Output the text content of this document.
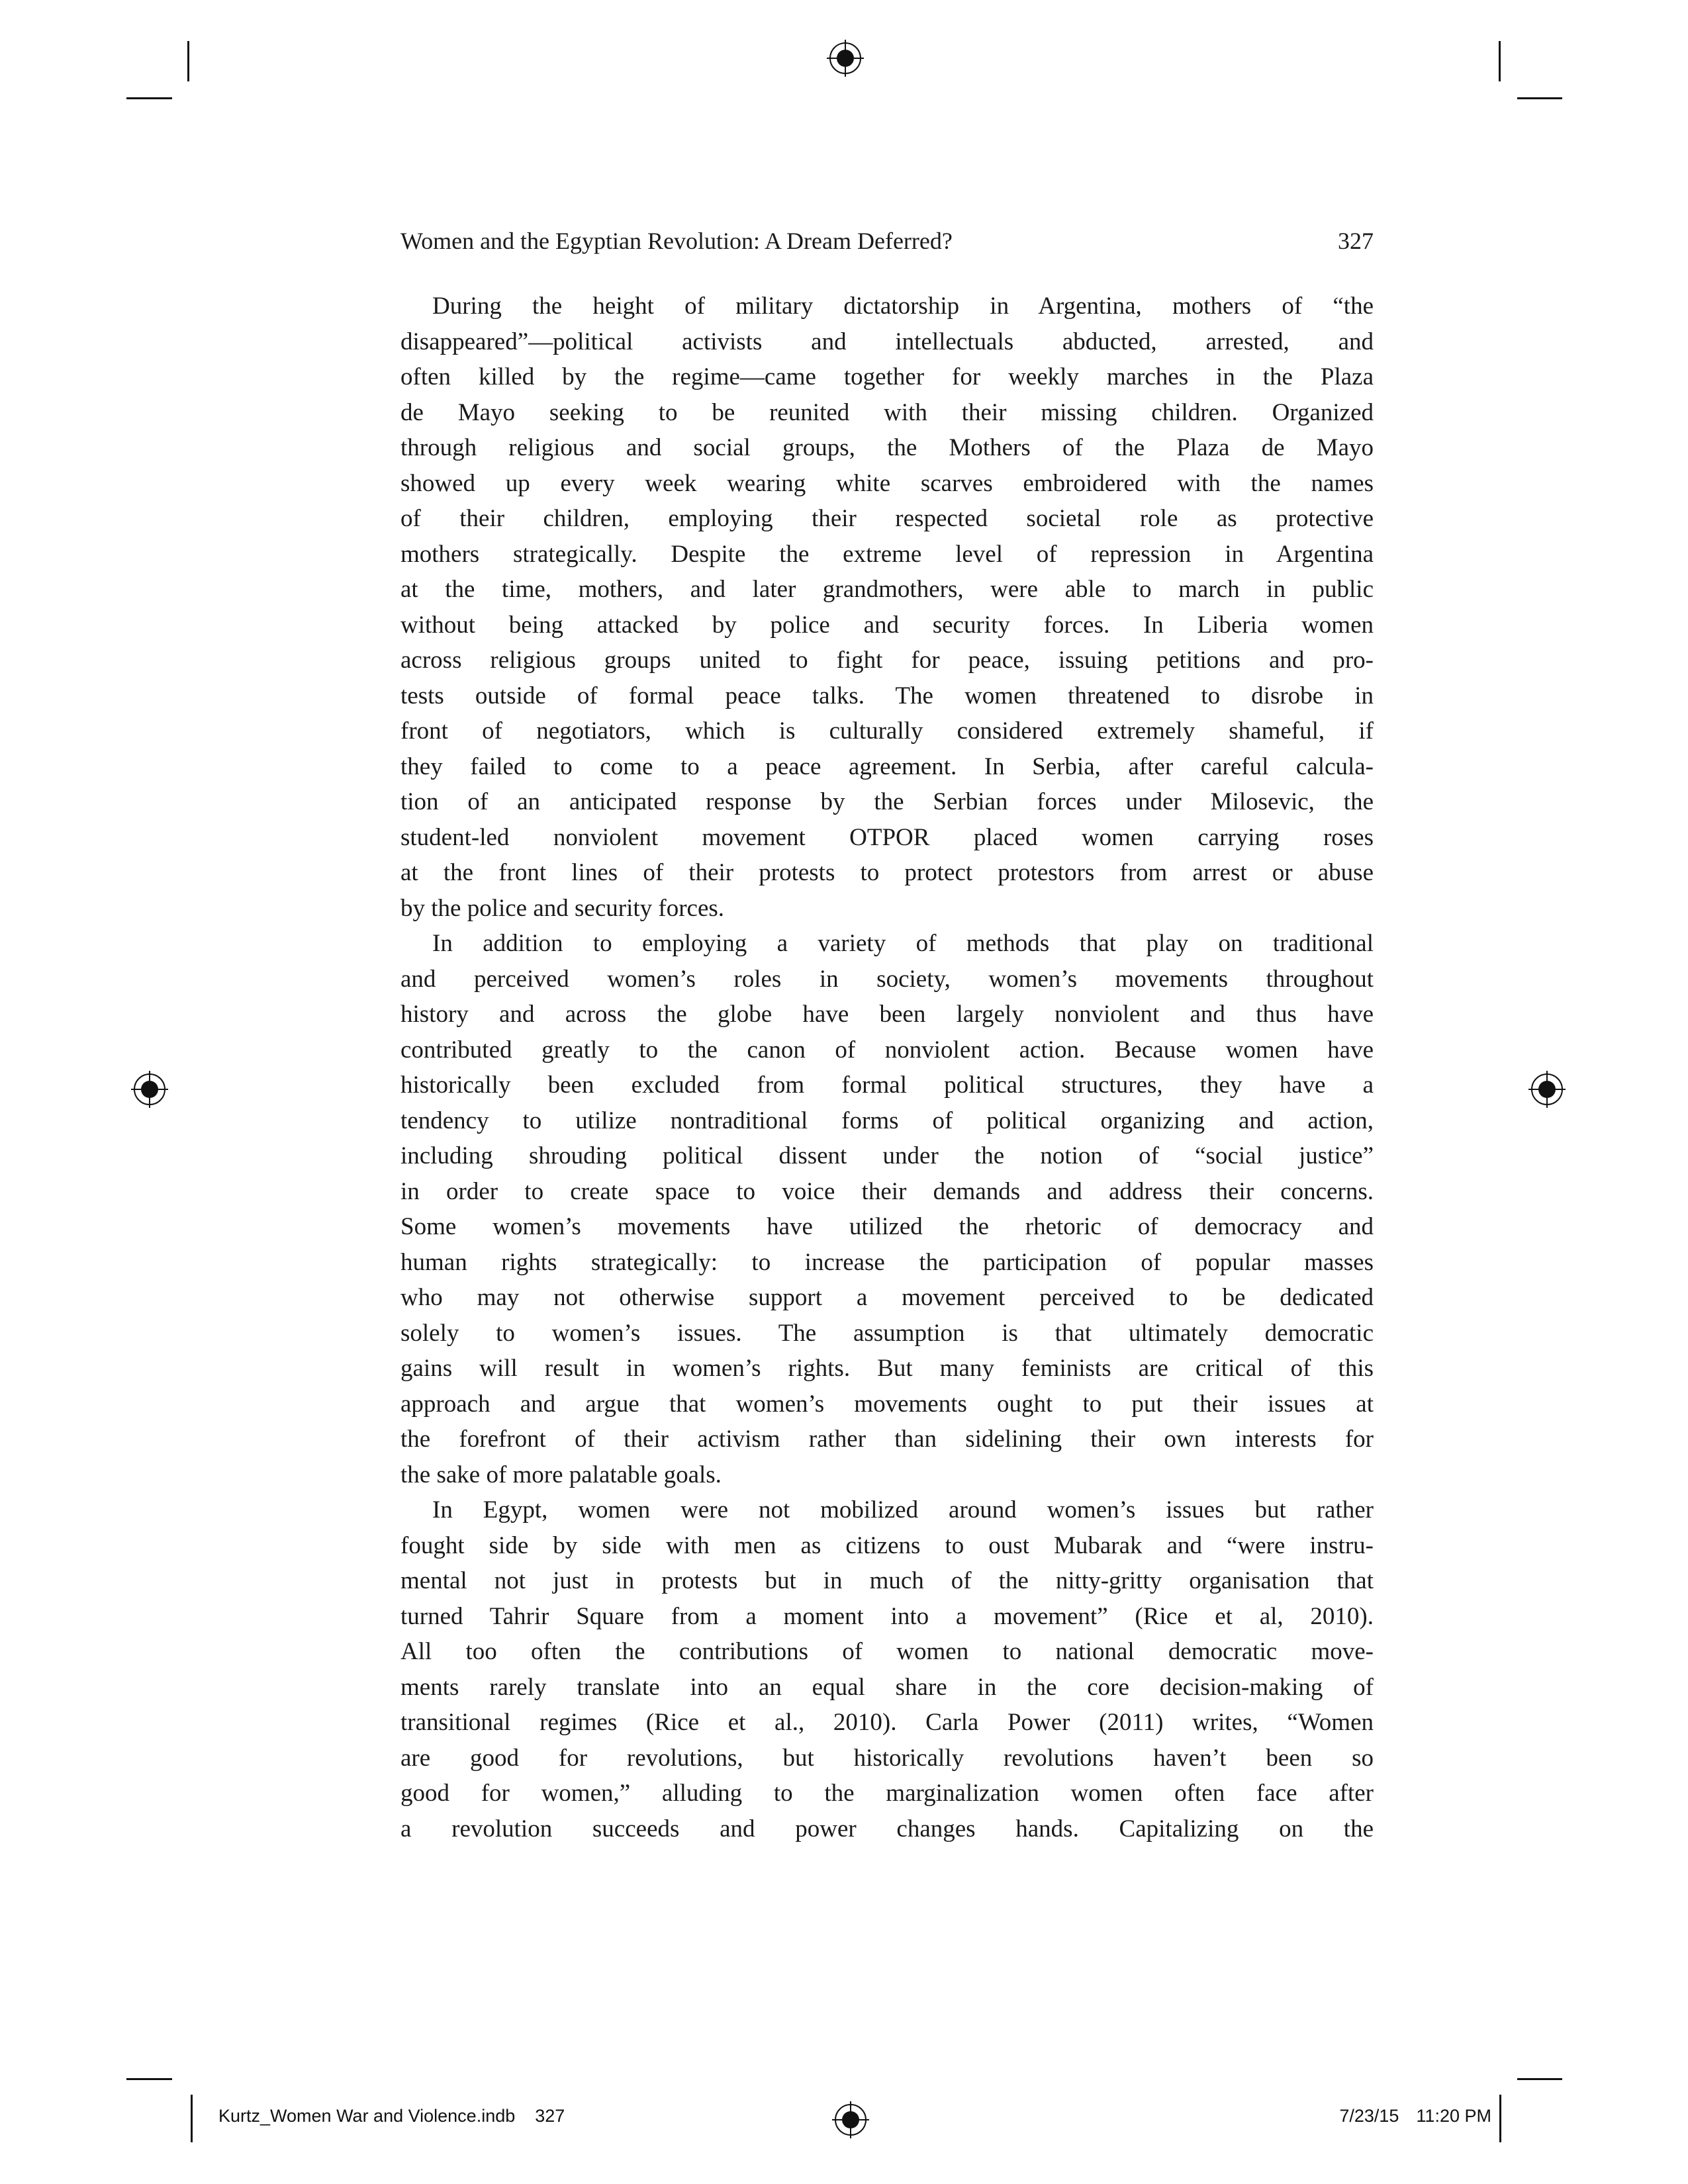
Women and the Egyptian Revolution: A Dream Deferred?	327
During the height of military dictatorship in Argentina, mothers of “the
disappeared”—political activists and intellectuals abducted, arrested, and
often killed by the regime—came together for weekly marches in the Plaza
de Mayo seeking to be reunited with their missing children. Organized
through religious and social groups, the Mothers of the Plaza de Mayo
showed up every week wearing white scarves embroidered with the names
of their children, employing their respected societal role as protective
mothers strategically. Despite the extreme level of repression in Argentina
at the time, mothers, and later grandmothers, were able to march in public
without being attacked by police and security forces. In Liberia women
across religious groups united to fight for peace, issuing petitions and pro-
tests outside of formal peace talks. The women threatened to disrobe in
front of negotiators, which is culturally considered extremely shameful, if
they failed to come to a peace agreement. In Serbia, after careful calcula-
tion of an anticipated response by the Serbian forces under Milosevic, the
student-led nonviolent movement OTPOR placed women carrying roses
at the front lines of their protests to protect protestors from arrest or abuse
by the police and security forces.
In addition to employing a variety of methods that play on traditional
and perceived women’s roles in society, women’s movements throughout
history and across the globe have been largely nonviolent and thus have
contributed greatly to the canon of nonviolent action. Because women have
historically been excluded from formal political structures, they have a
tendency to utilize nontraditional forms of political organizing and action,
including shrouding political dissent under the notion of “social justice”
in order to create space to voice their demands and address their concerns.
Some women’s movements have utilized the rhetoric of democracy and
human rights strategically: to increase the participation of popular masses
who may not otherwise support a movement perceived to be dedicated
solely to women’s issues. The assumption is that ultimately democratic
gains will result in women’s rights. But many feminists are critical of this
approach and argue that women’s movements ought to put their issues at
the forefront of their activism rather than sidelining their own interests for
the sake of more palatable goals.
In Egypt, women were not mobilized around women’s issues but rather
fought side by side with men as citizens to oust Mubarak and “were instru-
mental not just in protests but in much of the nitty-gritty organisation that
turned Tahrir Square from a moment into a movement” (Rice et al, 2010).
All too often the contributions of women to national democratic move-
ments rarely translate into an equal share in the core decision-making of
transitional regimes (Rice et al., 2010). Carla Power (2011) writes, “Women
are good for revolutions, but historically revolutions haven’t been so
good for women,” alluding to the marginalization women often face after
a revolution succeeds and power changes hands. Capitalizing on the
Kurtz_Women War and Violence.indb 327	7/23/15 11:20 PM
